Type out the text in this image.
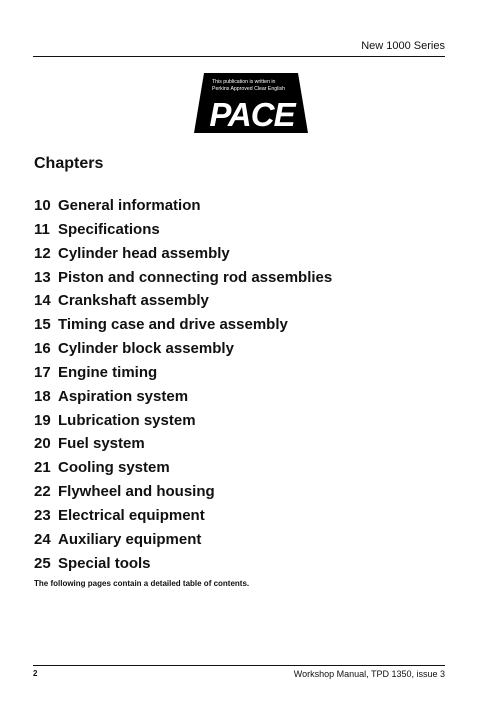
New 1000 Series
This publication is written in
Perkins Approved Clear English
PACE
Chapters
10 General information
11 Specifications
12 Cylinder head assembly
13 Piston and connecting rod assemblies
14 Crankshaft assembly
15 Timing case and drive assembly
16 Cylinder block assembly
17 Engine timing
18 Aspiration system
19 Lubrication system
20 Fuel system
21 Cooling system
22 Flywheel and housing
23 Electrical equipment
24 Auxiliary equipment
25 Special tools
The following pages contain a detailed table of contents.
2	Workshop Manual, TPD 1350, issue 3
